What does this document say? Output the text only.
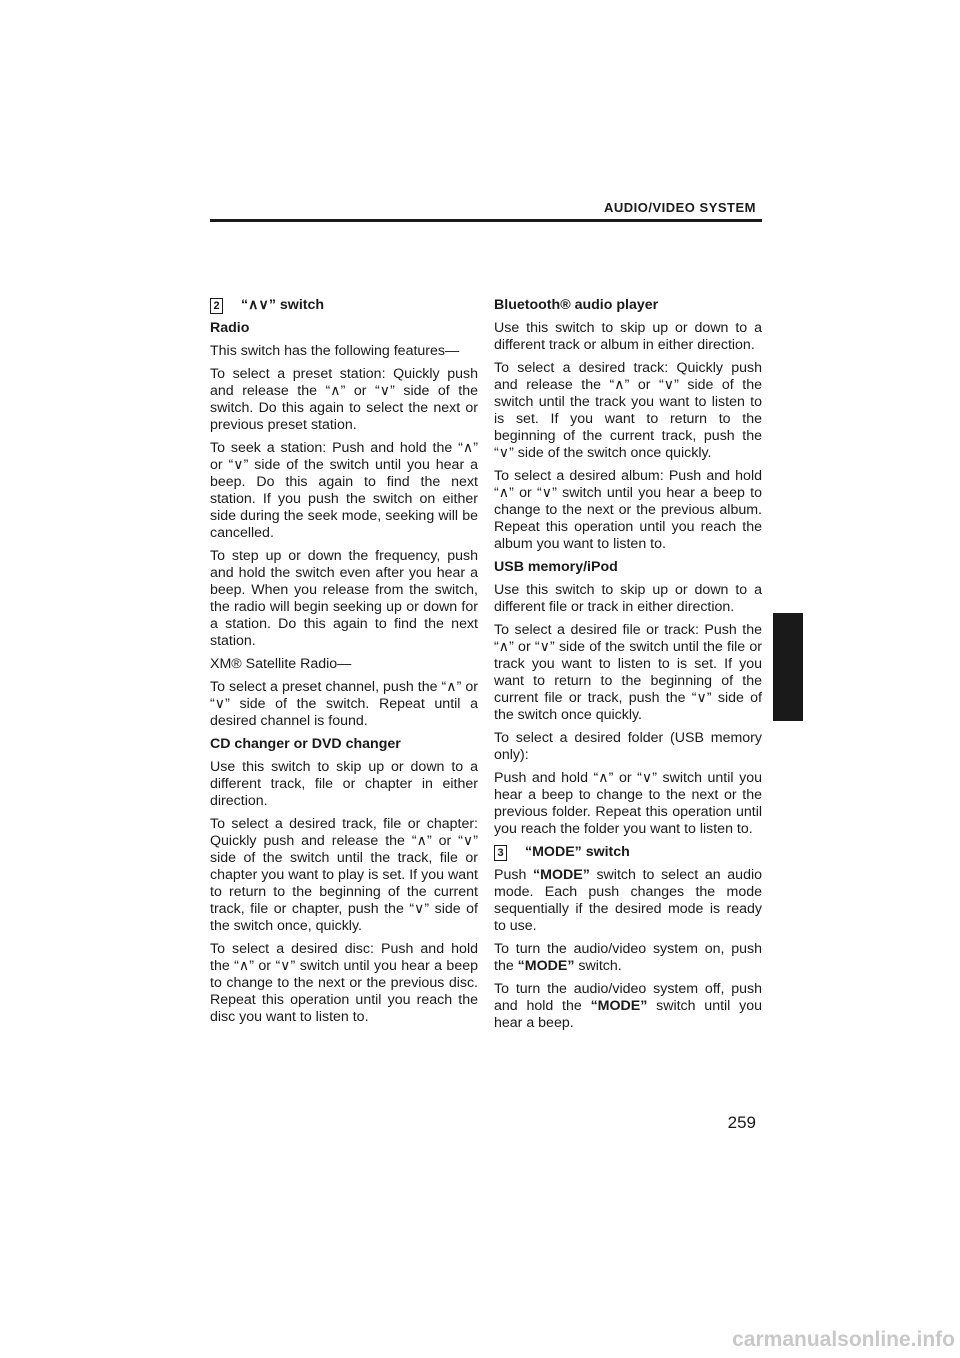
AUDIO/VIDEO SYSTEM
2 “∧∨” switch
Radio

This switch has the following features—

To select a preset station: Quickly push and release the “∧” or “∨” side of the switch. Do this again to select the next or previous preset station.

To seek a station: Push and hold the “∧” or “∨” side of the switch until you hear a beep. Do this again to find the next station. If you push the switch on either side during the seek mode, seeking will be cancelled.

To step up or down the frequency, push and hold the switch even after you hear a beep. When you release from the switch, the radio will begin seeking up or down for a station. Do this again to find the next station.

XM® Satellite Radio—

To select a preset channel, push the “∧” or “∨” side of the switch. Repeat until a desired channel is found.

CD changer or DVD changer

Use this switch to skip up or down to a different track, file or chapter in either direction.

To select a desired track, file or chapter: Quickly push and release the “∧” or “∨” side of the switch until the track, file or chapter you want to play is set. If you want to return to the beginning of the current track, file or chapter, push the “∨” side of the switch once, quickly.

To select a desired disc: Push and hold the “∧” or “∨” switch until you hear a beep to change to the next or the previous disc. Repeat this operation until you reach the disc you want to listen to.

Bluetooth® audio player

Use this switch to skip up or down to a different track or album in either direction.

To select a desired track: Quickly push and release the “∧” or “∨” side of the switch until the track you want to listen to is set. If you want to return to the beginning of the current track, push the “∨” side of the switch once quickly.

To select a desired album: Push and hold “∧” or “∨” switch until you hear a beep to change to the next or the previous album. Repeat this operation until you reach the album you want to listen to.

USB memory/iPod

Use this switch to skip up or down to a different file or track in either direction.

To select a desired file or track: Push the “∧” or “∨” side of the switch until the file or track you want to listen to is set. If you want to return to the beginning of the current file or track, push the “∨” side of the switch once quickly.

To select a desired folder (USB memory only):

Push and hold “∧” or “∨” switch until you hear a beep to change to the next or the previous folder. Repeat this operation until you reach the folder you want to listen to.

3 “MODE” switch

Push “MODE” switch to select an audio mode. Each push changes the mode sequentially if the desired mode is ready to use.

To turn the audio/video system on, push the “MODE” switch.

To turn the audio/video system off, push and hold the “MODE” switch until you hear a beep.

259
carmanualsonline.info
